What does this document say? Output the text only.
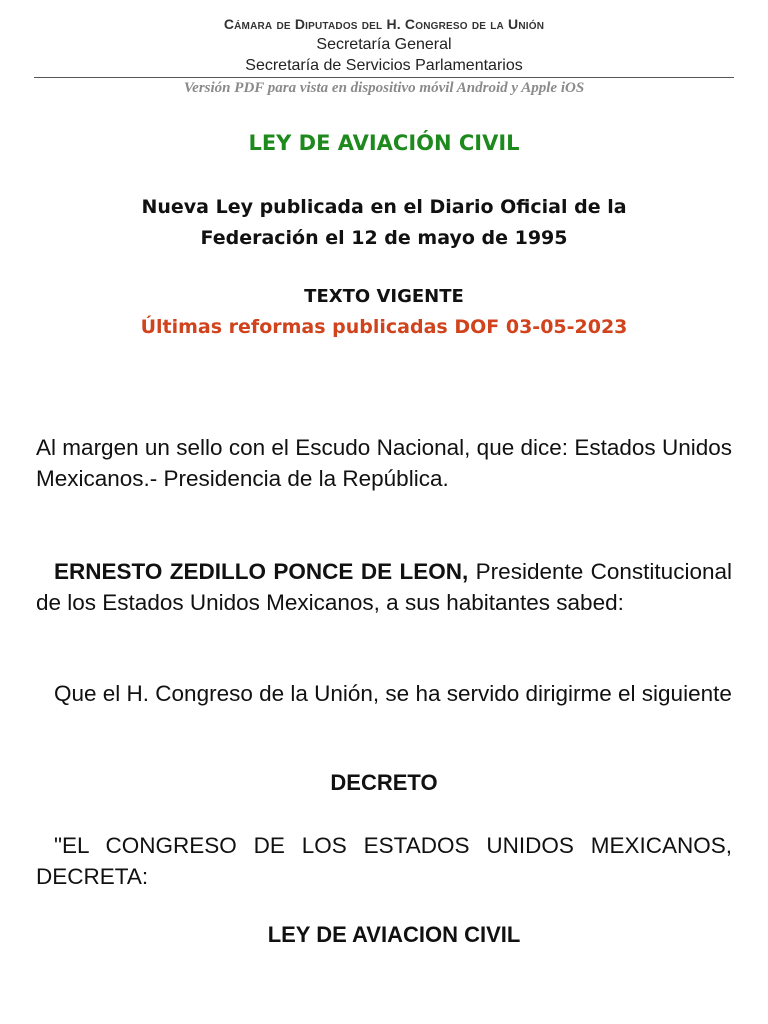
Cámara de Diputados del H. Congreso de la Unión
Secretaría General
Secretaría de Servicios Parlamentarios
Versión PDF para vista en dispositivo móvil Android y Apple iOS
LEY DE AVIACIÓN CIVIL
Nueva Ley publicada en el Diario Oficial de la
Federación el 12 de mayo de 1995
TEXTO VIGENTE
Últimas reformas publicadas DOF 03-05-2023
Al margen un sello con el Escudo Nacional, que dice: Estados Unidos Mexicanos.- Presidencia de la República.
ERNESTO ZEDILLO PONCE DE LEON, Presidente Constitucional de los Estados Unidos Mexicanos, a sus habitantes sabed:
Que el H. Congreso de la Unión, se ha servido dirigirme el siguiente
DECRETO
"EL CONGRESO DE LOS ESTADOS UNIDOS MEXICANOS, DECRETA:
LEY DE AVIACION CIVIL
